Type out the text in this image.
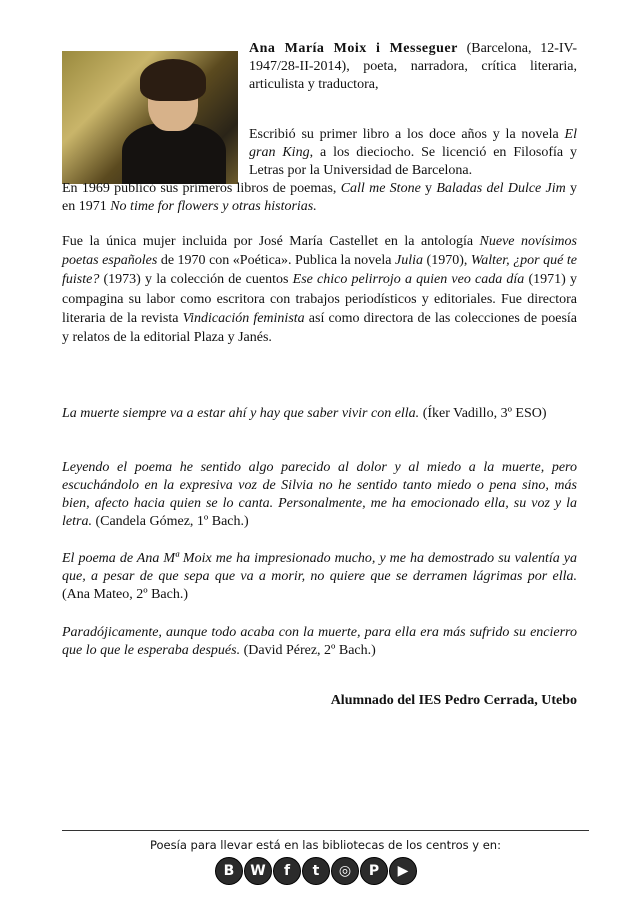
Ana María Moix i Messeguer (Barcelona, 12-IV-1947/28-II-2014), poeta, narradora, crítica literaria, articulista y traductora,

Escribió su primer libro a los doce años y la novela El gran King, a los dieciocho. Se licenció en Filosofía y Letras por la Universidad de Barcelona.

En 1969 publicó sus primeros libros de poemas, Call me Stone y Baladas del Dulce Jim y en 1971 No time for flowers y otras historias.

Fue la única mujer incluida por José María Castellet en la antología Nueve novísimos poetas españoles de 1970 con «Poética». Publica la novela Julia (1970), Walter, ¿por qué te fuiste? (1973) y la colección de cuentos Ese chico pelirrojo a quien veo cada día (1971) y compagina su labor como escritora con trabajos periodísticos y editoriales. Fue directora literaria de la revista Vindicación feminista así como directora de las colecciones de poesía y relatos de la editorial Plaza y Janés.

La muerte siempre va a estar ahí y hay que saber vivir con ella. (Íker Vadillo, 3º ESO)

Leyendo el poema he sentido algo parecido al dolor y al miedo a la muerte, pero escuchándolo en la expresiva voz de Silvia no he sentido tanto miedo o pena sino, más bien, afecto hacia quien se lo canta. Personalmente, me ha emocionado ella, su voz y la letra. (Candela Gómez, 1º Bach.)

El poema de Ana Mª Moix me ha impresionado mucho, y me ha demostrado su valentía ya que, a pesar de que sepa que va a morir, no quiere que se derramen lágrimas por ella. (Ana Mateo, 2º Bach.)

Paradójicamente, aunque todo acaba con la muerte, para ella era más sufrido su encierro que lo que le esperaba después. (David Pérez, 2º Bach.)

Alumnado del IES Pedro Cerrada, Utebo

Poesía para llevar está en las bibliotecas de los centros y en:

B	W	f	t	◎	P	▶
